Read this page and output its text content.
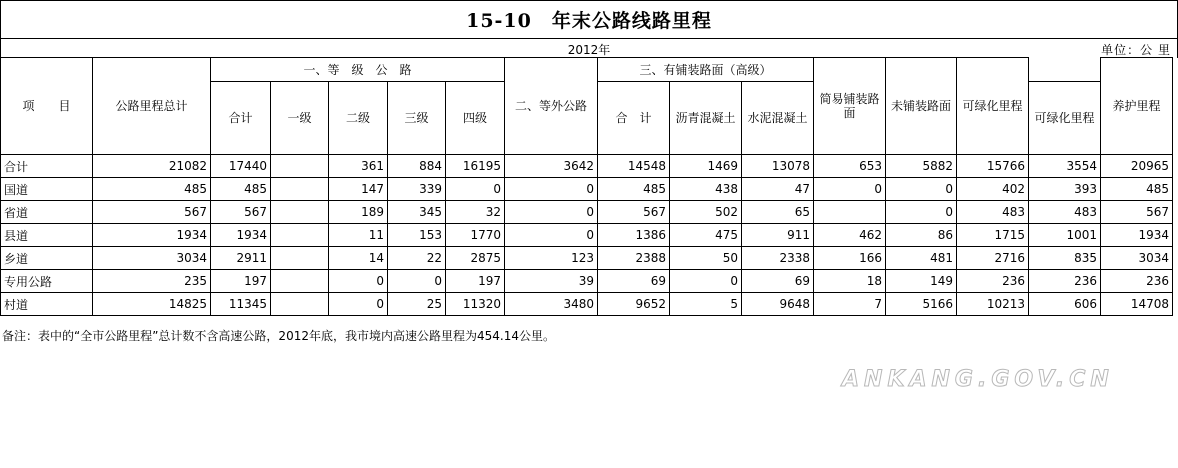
15-10　年末公路线路里程
2012年	单位：公 里
项　　目	公路里程总计	一、等　级　公　路					二、等外公路	三、有铺装路面（高级）			简易铺装路面	未铺装路面	可绿化里程		养护里程
		合计	一级	二级	三级	四级		合　计	沥青混凝土	水泥混凝土				可绿化里程	
合计	21082	17440		361	884	16195	3642	14548	1469	13078	653	5882	15766	3554	20965
国道	485	485		147	339	0	0	485	438	47	0	0	402	393	485
省道	567	567		189	345	32	0	567	502	65		0	483	483	567
县道	1934	1934		11	153	1770	0	1386	475	911	462	86	1715	1001	1934
乡道	3034	2911		14	22	2875	123	2388	50	2338	166	481	2716	835	3034
专用公路	235	197		0	0	197	39	69	0	69	18	149	236	236	236
村道	14825	11345		0	25	11320	3480	9652	5	9648	7	5166	10213	606	14708
备注：表中的“全市公路里程”总计数不含高速公路，2012年底，我市境内高速公路里程为454.14公里。
ANKANG.GOV.CN
